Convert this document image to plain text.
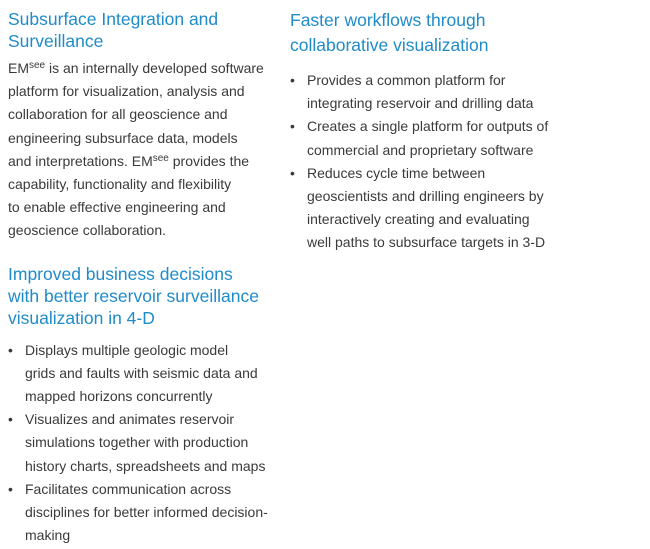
Subsurface Integration and
Surveillance

$EM^{see}$ is an internally developed software
platform for visualization, analysis and
collaboration for all geoscience and
engineering subsurface data, models
and interpretations. $EM^{see}$ provides the
capability, functionality and flexibility
to enable effective engineering and
geoscience collaboration.

Improved business decisions
with better reservoir surveillance
visualization in 4-D
• Displays multiple geologic model
grids and faults with seismic data and
mapped horizons concurrently
• Visualizes and animates reservoir
simulations together with production
history charts, spreadsheets and maps
• Facilitates communication across
disciplines for better informed decision-
making
Faster workflows through
collaborative visualization
• Provides a common platform for
integrating reservoir and drilling data
• Creates a single platform for outputs of
commercial and proprietary software
• Reduces cycle time between
geoscientists and drilling engineers by
interactively creating and evaluating
well paths to subsurface targets in 3-D
